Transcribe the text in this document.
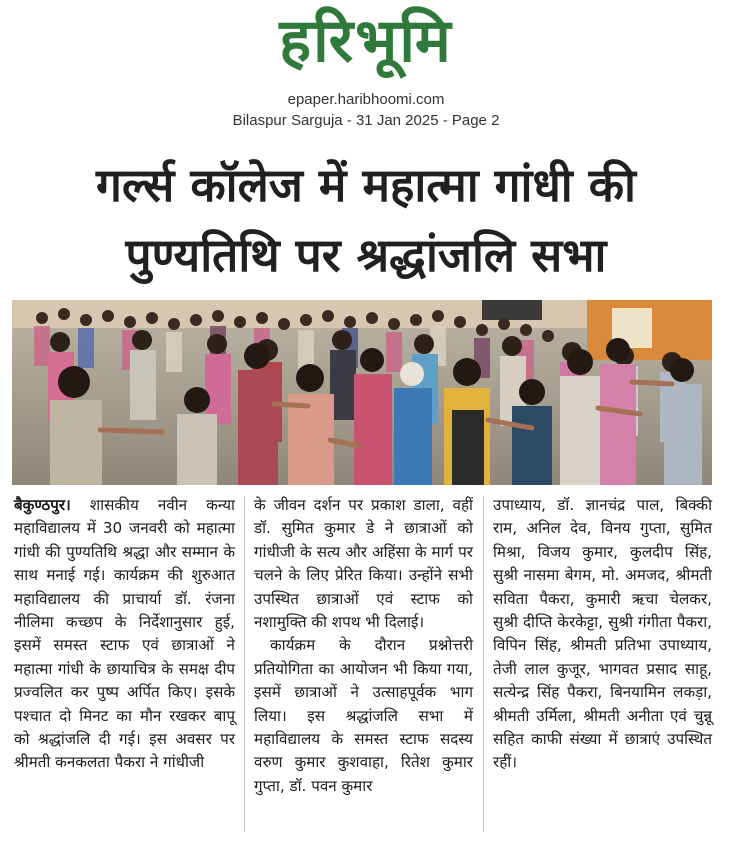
हरिभूमि
epaper.haribhoomi.com
Bilaspur Sarguja - 31 Jan 2025 - Page 2
गर्ल्स कॉलेज में महात्मा गांधी की
पुण्यतिथि पर श्रद्धांजलि सभा

बैकुण्ठपुर। शासकीय नवीन कन्या महाविद्यालय में 30 जनवरी को महात्मा गांधी की पुण्यतिथि श्रद्धा और सम्मान के साथ मनाई गई। कार्यक्रम की शुरुआत महाविद्यालय की प्राचार्या डॉ. रंजना नीलिमा कच्छप के निर्देशानुसार हुई, इसमें समस्त स्टाफ एवं छात्राओं ने महात्मा गांधी के छायाचित्र के समक्ष दीप प्रज्वलित कर पुष्प अर्पित किए। इसके पश्चात दो मिनट का मौन रखकर बापू को श्रद्धांजलि दी गई। इस अवसर पर श्रीमती कनकलता पैकरा ने गांधीजी

के जीवन दर्शन पर प्रकाश डाला, वहीं डॉ. सुमित कुमार डे ने छात्राओं को गांधीजी के सत्य और अहिंसा के मार्ग पर चलने के लिए प्रेरित किया। उन्होंने सभी उपस्थित छात्राओं एवं स्टाफ को नशामुक्ति की शपथ भी दिलाई।

कार्यक्रम के दौरान प्रश्नोत्तरी प्रतियोगिता का आयोजन भी किया गया, इसमें छात्राओं ने उत्साहपूर्वक भाग लिया। इस श्रद्धांजलि सभा में महाविद्यालय के समस्त स्टाफ सदस्य वरुण कुमार कुशवाहा, रितेश कुमार गुप्ता, डॉ. पवन कुमार

उपाध्याय, डॉ. ज्ञानचंद्र पाल, बिक्की राम, अनिल देव, विनय गुप्ता, सुमित मिश्रा, विजय कुमार, कुलदीप सिंह, सुश्री नासमा बेगम, मो. अमजद, श्रीमती सविता पैकरा, कुमारी ऋचा चेलकर, सुश्री दीप्ति केरकेट्टा, सुश्री गंगीता पैकरा, विपिन सिंह, श्रीमती प्रतिभा उपाध्याय, तेजी लाल कुजूर, भागवत प्रसाद साहू, सत्येन्द्र सिंह पैकरा, बिनयामिन लकड़ा, श्रीमती उर्मिला, श्रीमती अनीता एवं चुन्नू सहित काफी संख्या में छात्राएं उपस्थित रहीं।
